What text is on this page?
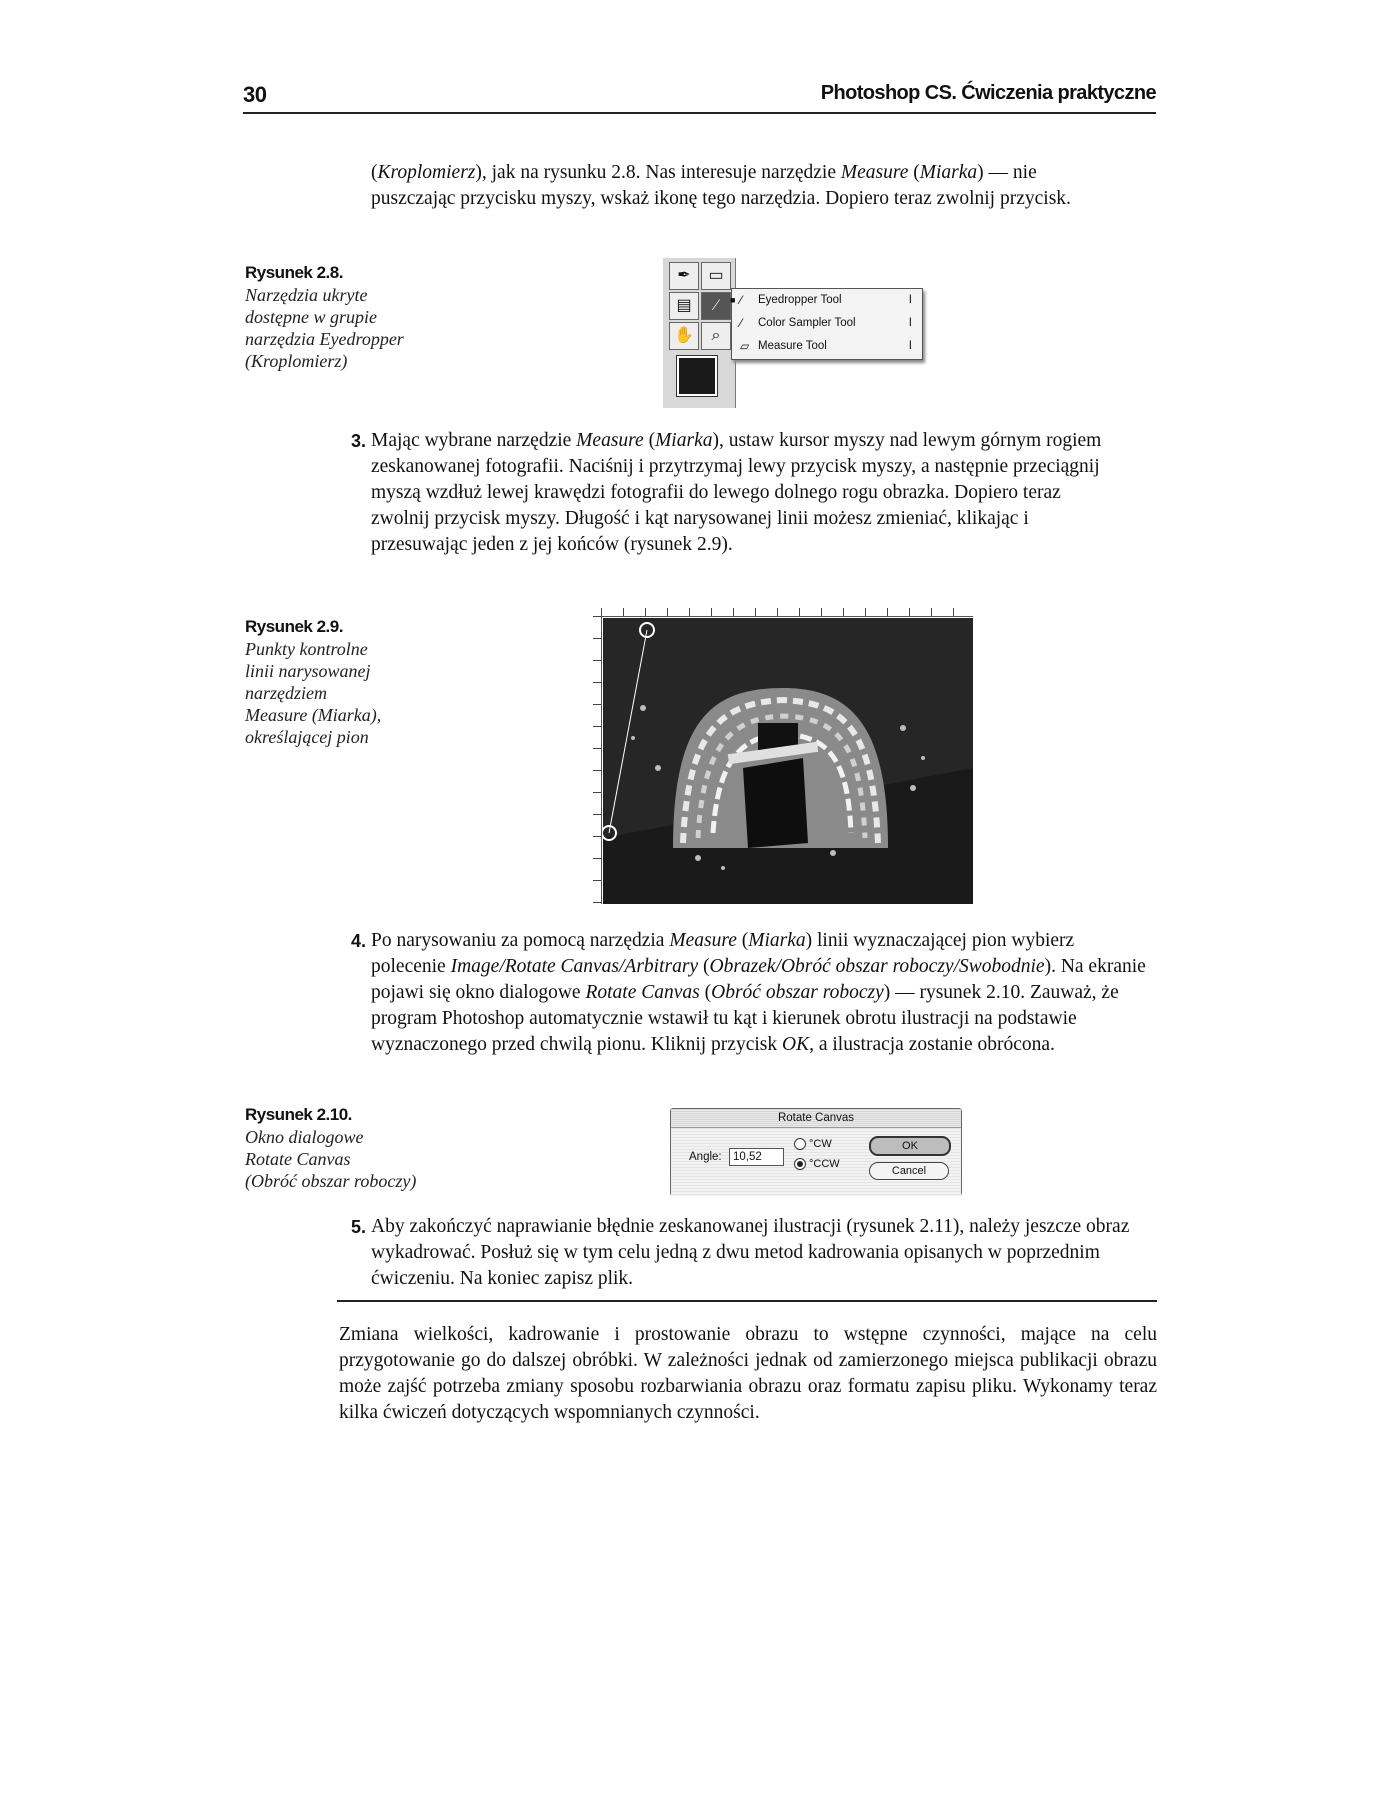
30	Photoshop CS. Ćwiczenia praktyczne
(Kroplomierz), jak na rysunku 2.8. Nas interesuje narzędzie Measure (Miarka) –– nie puszczając przycisku myszy, wskaż ikonę tego narzędzia. Dopiero teraz zwolnij przycisk.
Rysunek 2.8.
Narzędzia ukryte
dostępne w grupie
narzędzia Eyedropper
(Kroplomierz)
✒	▭
▤	⁄
✋	⌕
■ ⁄ Eyedropper Tool	I
⁄ Color Sampler Tool	I
▱ Measure Tool	I
3. Mając wybrane narzędzie Measure (Miarka), ustaw kursor myszy nad lewym górnym rogiem zeskanowanej fotografii. Naciśnij i przytrzymaj lewy przycisk myszy, a następnie przeciągnij myszą wzdłuż lewej krawędzi fotografii do lewego dolnego rogu obrazka. Dopiero teraz zwolnij przycisk myszy. Długość i kąt narysowanej linii możesz zmieniać, klikając i przesuwając jeden z jej końców (rysunek 2.9).
Rysunek 2.9.
Punkty kontrolne
linii narysowanej
narzędziem
Measure (Miarka),
określającej pion
4. Po narysowaniu za pomocą narzędzia Measure (Miarka) linii wyznaczającej pion wybierz polecenie Image/Rotate Canvas/Arbitrary (Obrazek/Obróć obszar roboczy/Swobodnie). Na ekranie pojawi się okno dialogowe Rotate Canvas (Obróć obszar roboczy) — rysunek 2.10. Zauważ, że program Photoshop automatycznie wstawił tu kąt i kierunek obrotu ilustracji na podstawie wyznaczonego przed chwilą pionu. Kliknij przycisk OK, a ilustracja zostanie obrócona.
Rysunek 2.10.
Okno dialogowe
Rotate Canvas
(Obróć obszar roboczy)
Rotate Canvas
Angle: 10,52
°CW
°CCW
OK
Cancel
5. Aby zakończyć naprawianie błędnie zeskanowanej ilustracji (rysunek 2.11), należy jeszcze obraz wykadrować. Posłuż się w tym celu jedną z dwu metod kadrowania opisanych w poprzednim ćwiczeniu. Na koniec zapisz plik.
Zmiana wielkości, kadrowanie i prostowanie obrazu to wstępne czynności, mające na celu przygotowanie go do dalszej obróbki. W zależności jednak od zamierzonego miejsca publikacji obrazu może zajść potrzeba zmiany sposobu rozbarwiania obrazu oraz formatu zapisu pliku. Wykonamy teraz kilka ćwiczeń dotyczących wspomnianych czynności.
